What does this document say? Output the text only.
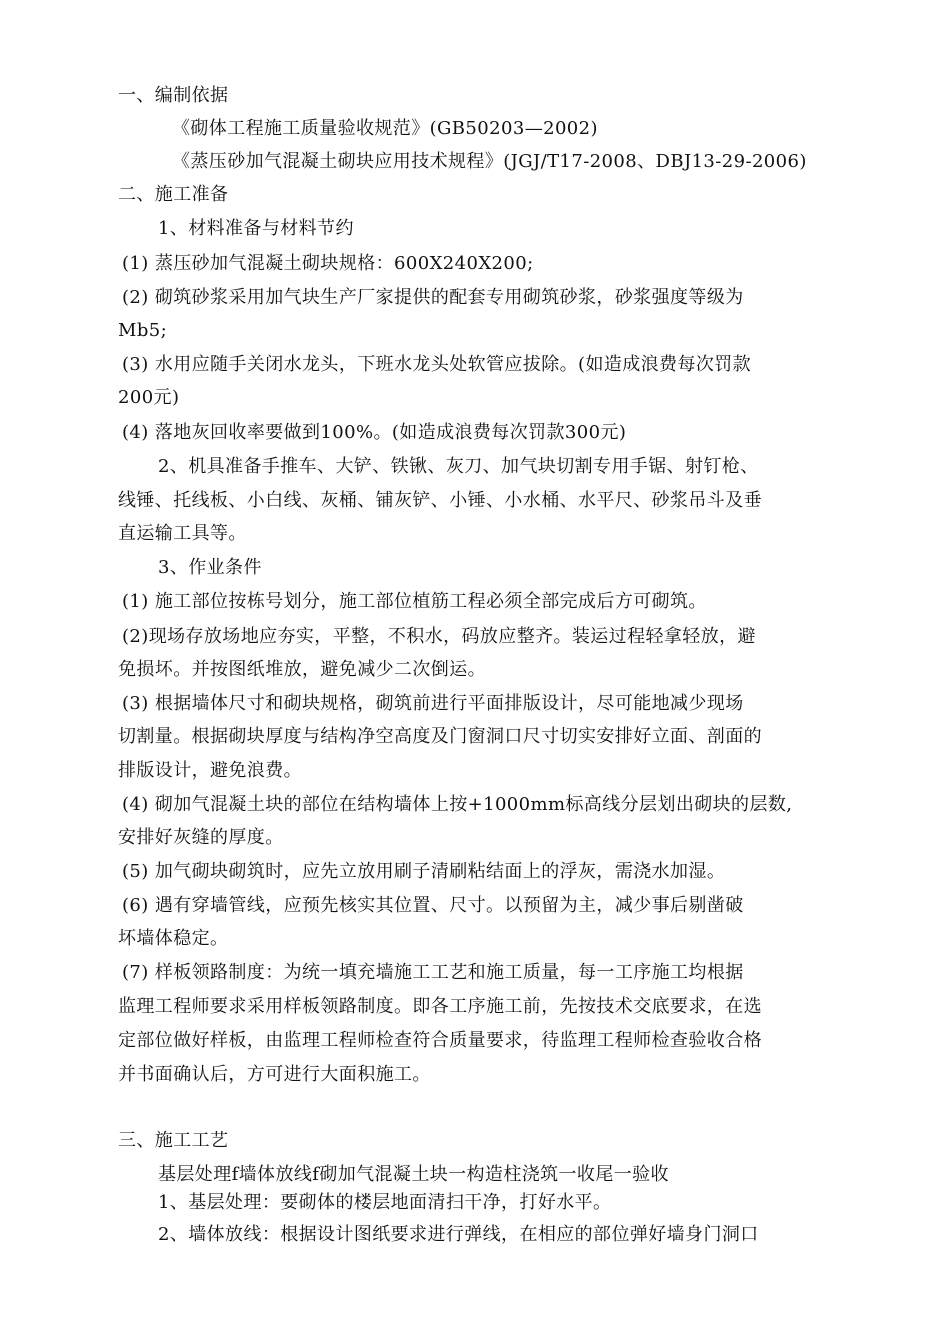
一、编制依据
《砌体工程施工质量验收规范》(GB50203—2002)
《蒸压砂加气混凝土砌块应用技术规程》(JGJ/T17-2008、DBJ13-29-2006)
二、施工准备
1、材料准备与材料节约
(1) 蒸压砂加气混凝土砌块规格：600X240X200;
(2) 砌筑砂浆采用加气块生产厂家提供的配套专用砌筑砂浆，砂浆强度等级为
Mb5;
(3) 水用应随手关闭水龙头，下班水龙头处软管应拔除。(如造成浪费每次罚款
200元)
(4) 落地灰回收率要做到100%。(如造成浪费每次罚款300元)
2、机具准备手推车、大铲、铁锹、灰刀、加气块切割专用手锯、射钉枪、
线锤、托线板、小白线、灰桶、铺灰铲、小锤、小水桶、水平尺、砂浆吊斗及垂
直运输工具等。
3、作业条件
(1) 施工部位按栋号划分，施工部位植筋工程必须全部完成后方可砌筑。
(2)现场存放场地应夯实，平整，不积水，码放应整齐。装运过程轻拿轻放，避
免损坏。并按图纸堆放，避免减少二次倒运。
(3) 根据墙体尺寸和砌块规格，砌筑前进行平面排版设计，尽可能地减少现场
切割量。根据砌块厚度与结构净空高度及门窗洞口尺寸切实安排好立面、剖面的
排版设计，避免浪费。
(4) 砌加气混凝土块的部位在结构墙体上按+1000mm标高线分层划出砌块的层数,
安排好灰缝的厚度。
(5) 加气砌块砌筑时，应先立放用刷子清刷粘结面上的浮灰，需浇水加湿。
(6) 遇有穿墙管线，应预先核实其位置、尺寸。以预留为主，减少事后剔凿破
坏墙体稳定。
(7) 样板领路制度：为统一填充墙施工工艺和施工质量，每一工序施工均根据
监理工程师要求采用样板领路制度。即各工序施工前，先按技术交底要求，在选
定部位做好样板，由监理工程师检查符合质量要求，待监理工程师检查验收合格
并书面确认后，方可进行大面积施工。
三、施工工艺
基层处理f墙体放线f砌加气混凝土块一构造柱浇筑一收尾一验收
1、基层处理：要砌体的楼层地面清扫干净，打好水平。
2、墙体放线：根据设计图纸要求进行弹线，在相应的部位弹好墙身门洞口
